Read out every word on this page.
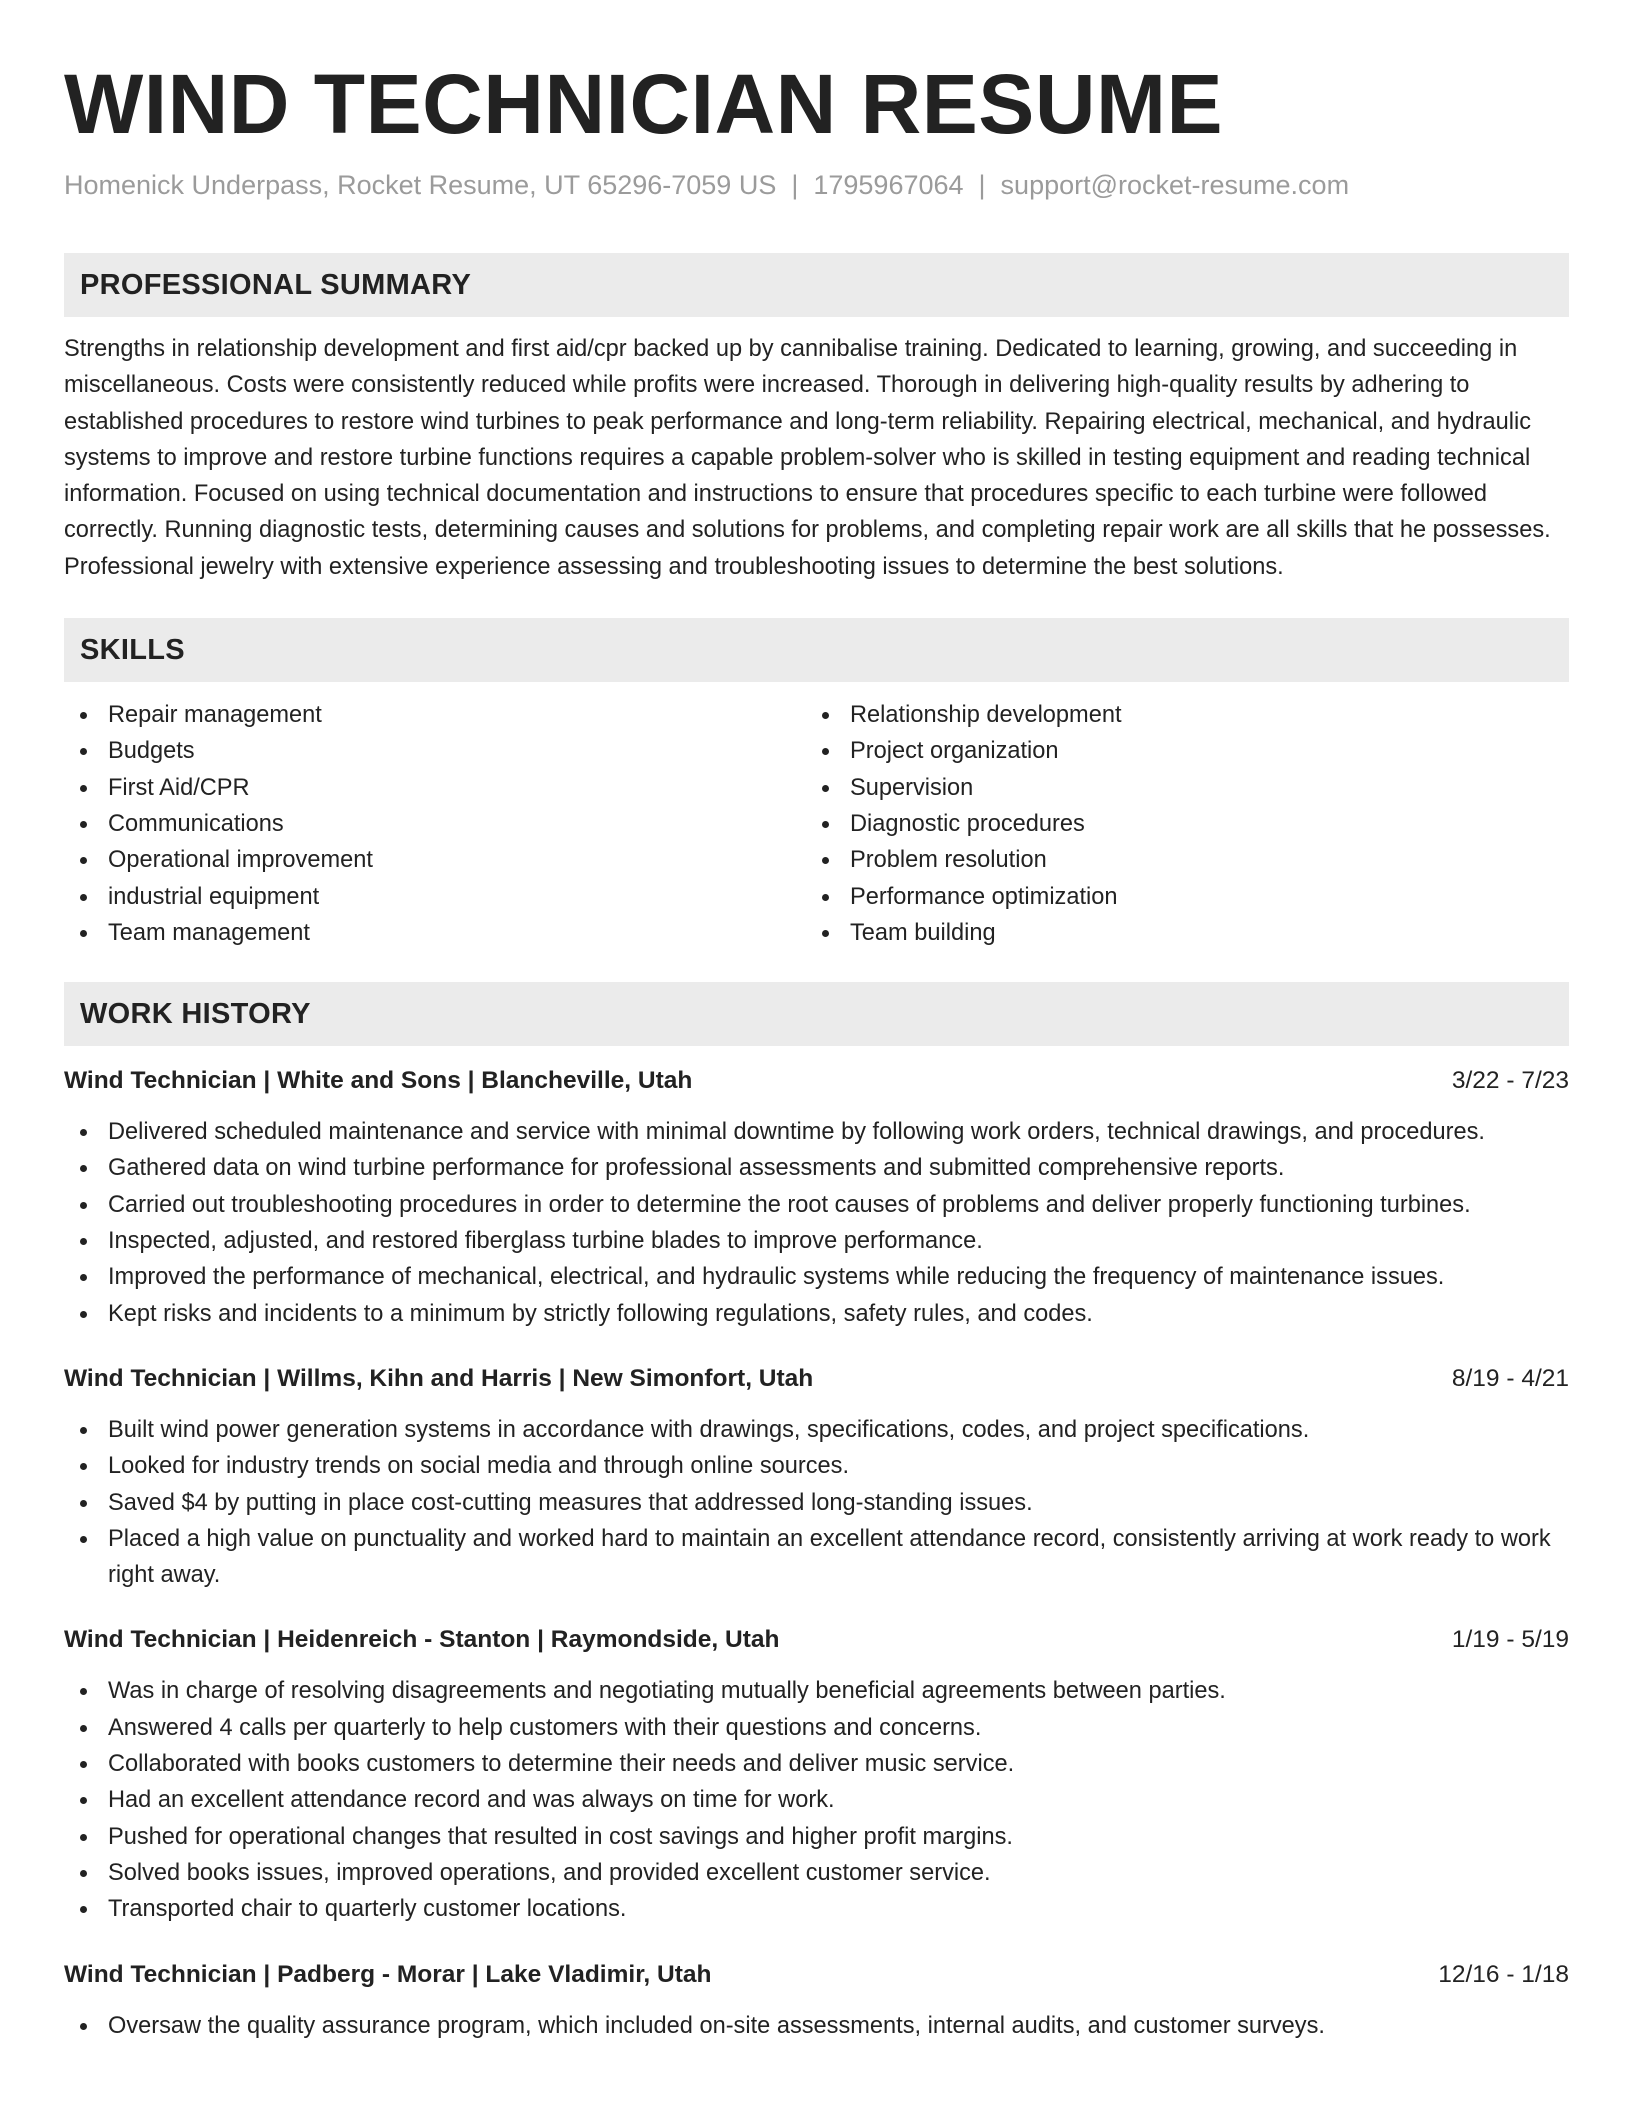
WIND TECHNICIAN RESUME
Homenick Underpass, Rocket Resume, UT 65296-7059 US | 1795967064 | support@rocket-resume.com
PROFESSIONAL SUMMARY

Strengths in relationship development and first aid/cpr backed up by cannibalise training. Dedicated to learning, growing, and succeeding in miscellaneous. Costs were consistently reduced while profits were increased. Thorough in delivering high-quality results by adhering to established procedures to restore wind turbines to peak performance and long-term reliability. Repairing electrical, mechanical, and hydraulic systems to improve and restore turbine functions requires a capable problem-solver who is skilled in testing equipment and reading technical information. Focused on using technical documentation and instructions to ensure that procedures specific to each turbine were followed correctly. Running diagnostic tests, determining causes and solutions for problems, and completing repair work are all skills that he possesses. Professional jewelry with extensive experience assessing and troubleshooting issues to determine the best solutions.

SKILLS
Repair management
Budgets
First Aid/CPR
Communications
Operational improvement
industrial equipment
Team management
Relationship development
Project organization
Supervision
Diagnostic procedures
Problem resolution
Performance optimization
Team building
WORK HISTORY
Wind Technician | White and Sons | Blancheville, Utah	3/22 - 7/23
Delivered scheduled maintenance and service with minimal downtime by following work orders, technical drawings, and procedures.
Gathered data on wind turbine performance for professional assessments and submitted comprehensive reports.
Carried out troubleshooting procedures in order to determine the root causes of problems and deliver properly functioning turbines.
Inspected, adjusted, and restored fiberglass turbine blades to improve performance.
Improved the performance of mechanical, electrical, and hydraulic systems while reducing the frequency of maintenance issues.
Kept risks and incidents to a minimum by strictly following regulations, safety rules, and codes.
Wind Technician | Willms, Kihn and Harris | New Simonfort, Utah	8/19 - 4/21
Built wind power generation systems in accordance with drawings, specifications, codes, and project specifications.
Looked for industry trends on social media and through online sources.
Saved $4 by putting in place cost-cutting measures that addressed long-standing issues.
Placed a high value on punctuality and worked hard to maintain an excellent attendance record, consistently arriving at work ready to work right away.
Wind Technician | Heidenreich - Stanton | Raymondside, Utah	1/19 - 5/19
Was in charge of resolving disagreements and negotiating mutually beneficial agreements between parties.
Answered 4 calls per quarterly to help customers with their questions and concerns.
Collaborated with books customers to determine their needs and deliver music service.
Had an excellent attendance record and was always on time for work.
Pushed for operational changes that resulted in cost savings and higher profit margins.
Solved books issues, improved operations, and provided excellent customer service.
Transported chair to quarterly customer locations.
Wind Technician | Padberg - Morar | Lake Vladimir, Utah	12/16 - 1/18
Oversaw the quality assurance program, which included on-site assessments, internal audits, and customer surveys.
